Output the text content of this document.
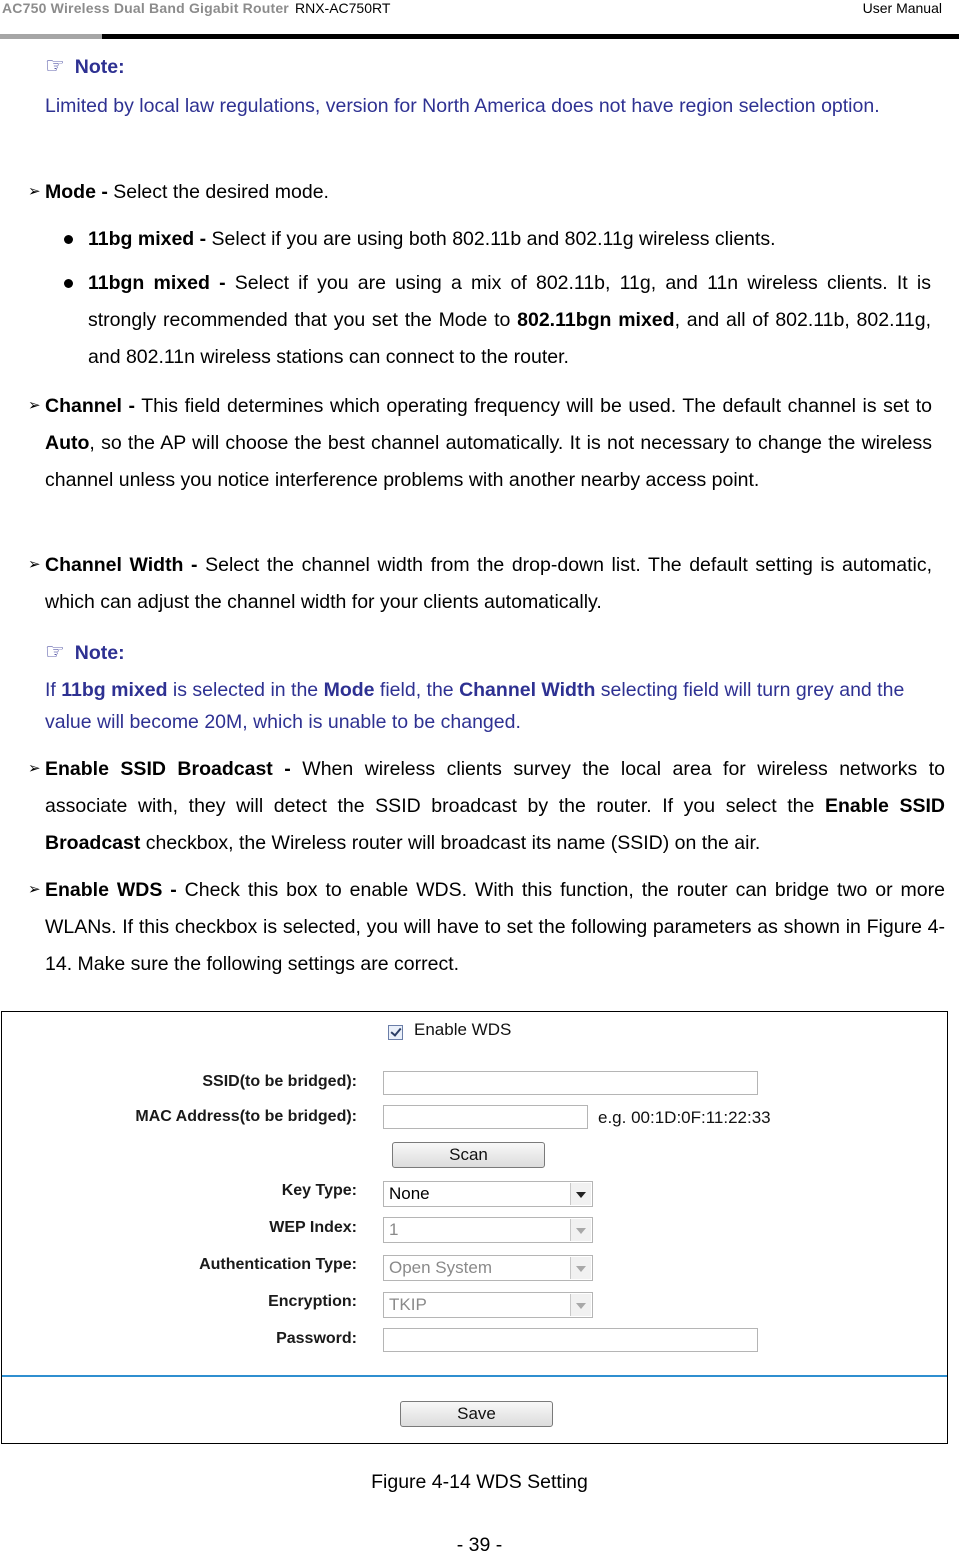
AC750 Wireless Dual Band Gigabit Router RNX-AC750RT	User Manual
☞ Note:
Limited by local law regulations, version for North America does not have region selection option.
➢ Mode - Select the desired mode.
11bg mixed - Select if you are using both 802.11b and 802.11g wireless clients.
11bgn mixed - Select if you are using a mix of 802.11b, 11g, and 11n wireless clients. It is strongly recommended that you set the Mode to 802.11bgn mixed, and all of 802.11b, 802.11g, and 802.11n wireless stations can connect to the router.
➢ Channel - This field determines which operating frequency will be used. The default channel is set to Auto, so the AP will choose the best channel automatically. It is not necessary to change the wireless channel unless you notice interference problems with another nearby access point.
➢ Channel Width - Select the channel width from the drop-down list. The default setting is automatic, which can adjust the channel width for your clients automatically.
☞ Note:
If 11bg mixed is selected in the Mode field, the Channel Width selecting field will turn grey and the value will become 20M, which is unable to be changed.
➢ Enable SSID Broadcast - When wireless clients survey the local area for wireless networks to associate with, they will detect the SSID broadcast by the router. If you select the Enable SSID Broadcast checkbox, the Wireless router will broadcast its name (SSID) on the air.
➢ Enable WDS - Check this box to enable WDS. With this function, the router can bridge two or more WLANs. If this checkbox is selected, you will have to set the following parameters as shown in Figure 4-14. Make sure the following settings are correct.
Enable WDS
SSID(to be bridged):
MAC Address(to be bridged):	e.g. 00:1D:0F:11:22:33
Scan
Key Type:	None
WEP Index:	1
Authentication Type:	Open System
Encryption:	TKIP
Password:
Save
Figure 4-14 WDS Setting
- 39 -
